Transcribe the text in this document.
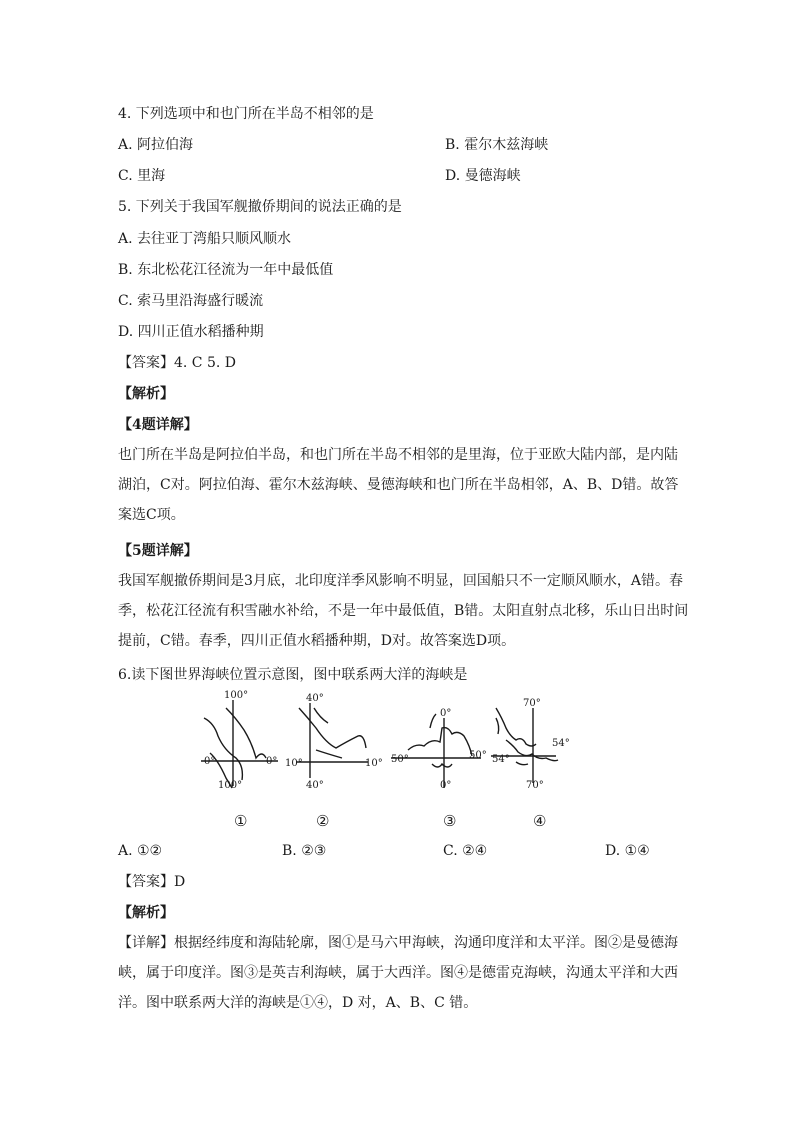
4. 下列选项中和也门所在半岛不相邻的是
A. 阿拉伯海	B. 霍尔木兹海峡
C. 里海	D. 曼德海峡
5. 下列关于我国军舰撤侨期间的说法正确的是
A. 去往亚丁湾船只顺风顺水
B. 东北松花江径流为一年中最低值
C. 索马里沿海盛行暖流
D. 四川正值水稻播种期
【答案】4. C 5. D
【解析】
【4题详解】
也门所在半岛是阿拉伯半岛，和也门所在半岛不相邻的是里海，位于亚欧大陆内部，是内陆湖泊，C对。阿拉伯海、霍尔木兹海峡、曼德海峡和也门所在半岛相邻，A、B、D错。故答案选C项。
【5题详解】
我国军舰撤侨期间是3月底，北印度洋季风影响不明显，回国船只不一定顺风顺水，A错。春季，松花江径流有积雪融水补给，不是一年中最低值，B错。太阳直射点北移，乐山日出时间提前，C错。春季，四川正值水稻播种期，D对。故答案选D项。
6.读下图世界海峡位置示意图，图中联系两大洋的海峡是
100°
0°	0°
100°
40°
10°	10°
40°
0°
50°	50°
0°
70°
54°
54°
70°
①	②	③	④
A. ①②	B. ②③	C. ②④	D. ①④
【答案】D
【解析】
【详解】根据经纬度和海陆轮廓，图①是马六甲海峡，沟通印度洋和太平洋。图②是曼德海峡，属于印度洋。图③是英吉利海峡，属于大西洋。图④是德雷克海峡，沟通太平洋和大西洋。图中联系两大洋的海峡是①④，D 对，A、B、C 错。
